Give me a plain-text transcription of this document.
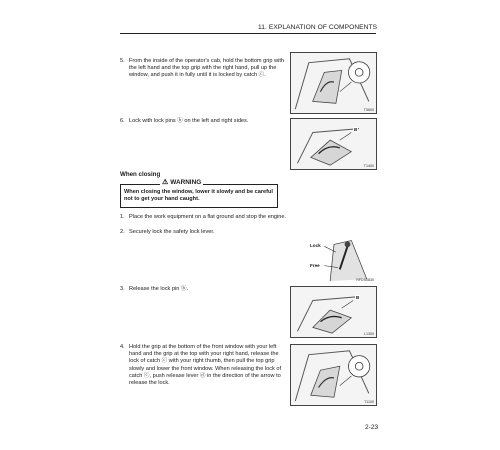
11. EXPLANATION OF COMPONENTS
5. From the inside of the operator's cab, hold the bottom grip with the left hand and the top grip with the right hand, pull up the window, and push it in fully until it is locked by catch ⓒ.
T5600
6. Lock with lock pins ⓑ on the left and right sides.
B
T1400
When closing
⚠ WARNING
When closing the window, lower it slowly and be careful not to get your hand caught.
1. Place the work equipment on a flat ground and stop the engine.
2. Securely lock the safety lock lever.
Lock
Free
RFDS0830
3. Release the lock pin ⓑ.
B
L1300
4. Hold the grip at the bottom of the front window with your left hand and the grip at the top with your right hand, release the lock of catch ⓒ with your right thumb, then pull the top grip slowly and lower the front window. When releasing the lock of catch ⓒ, push release lever ⓓ in the direction of the arrow to release the lock.
T1100
2-23
